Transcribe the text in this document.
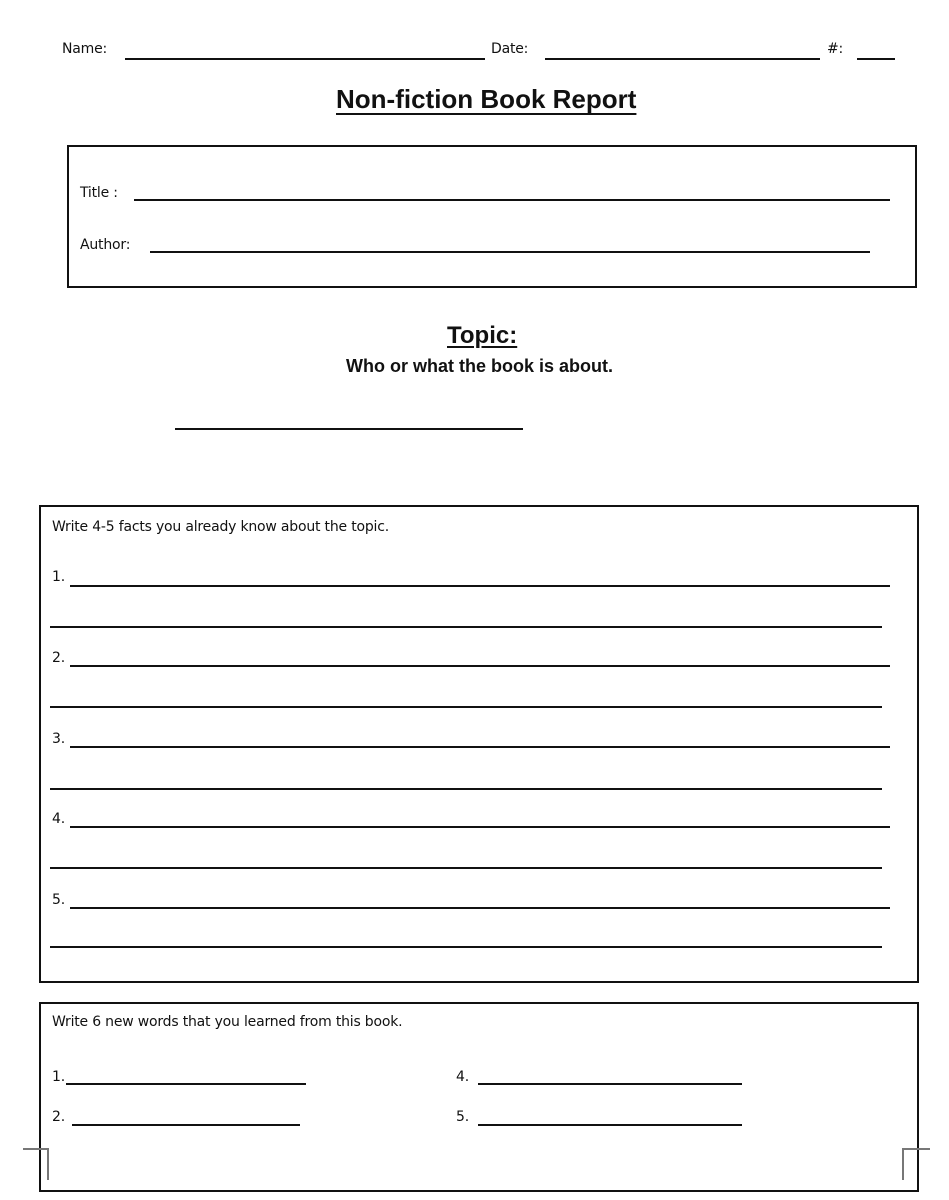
Name:	Date:	#:
Non-fiction Book Report
Title :
Author:
Topic:
Who or what the book is about.
Write 4-5 facts you already know about the topic.
1.
2.
3.
4.
5.
Write 6 new words that you learned from this book.
1.
2.
4.
5.
